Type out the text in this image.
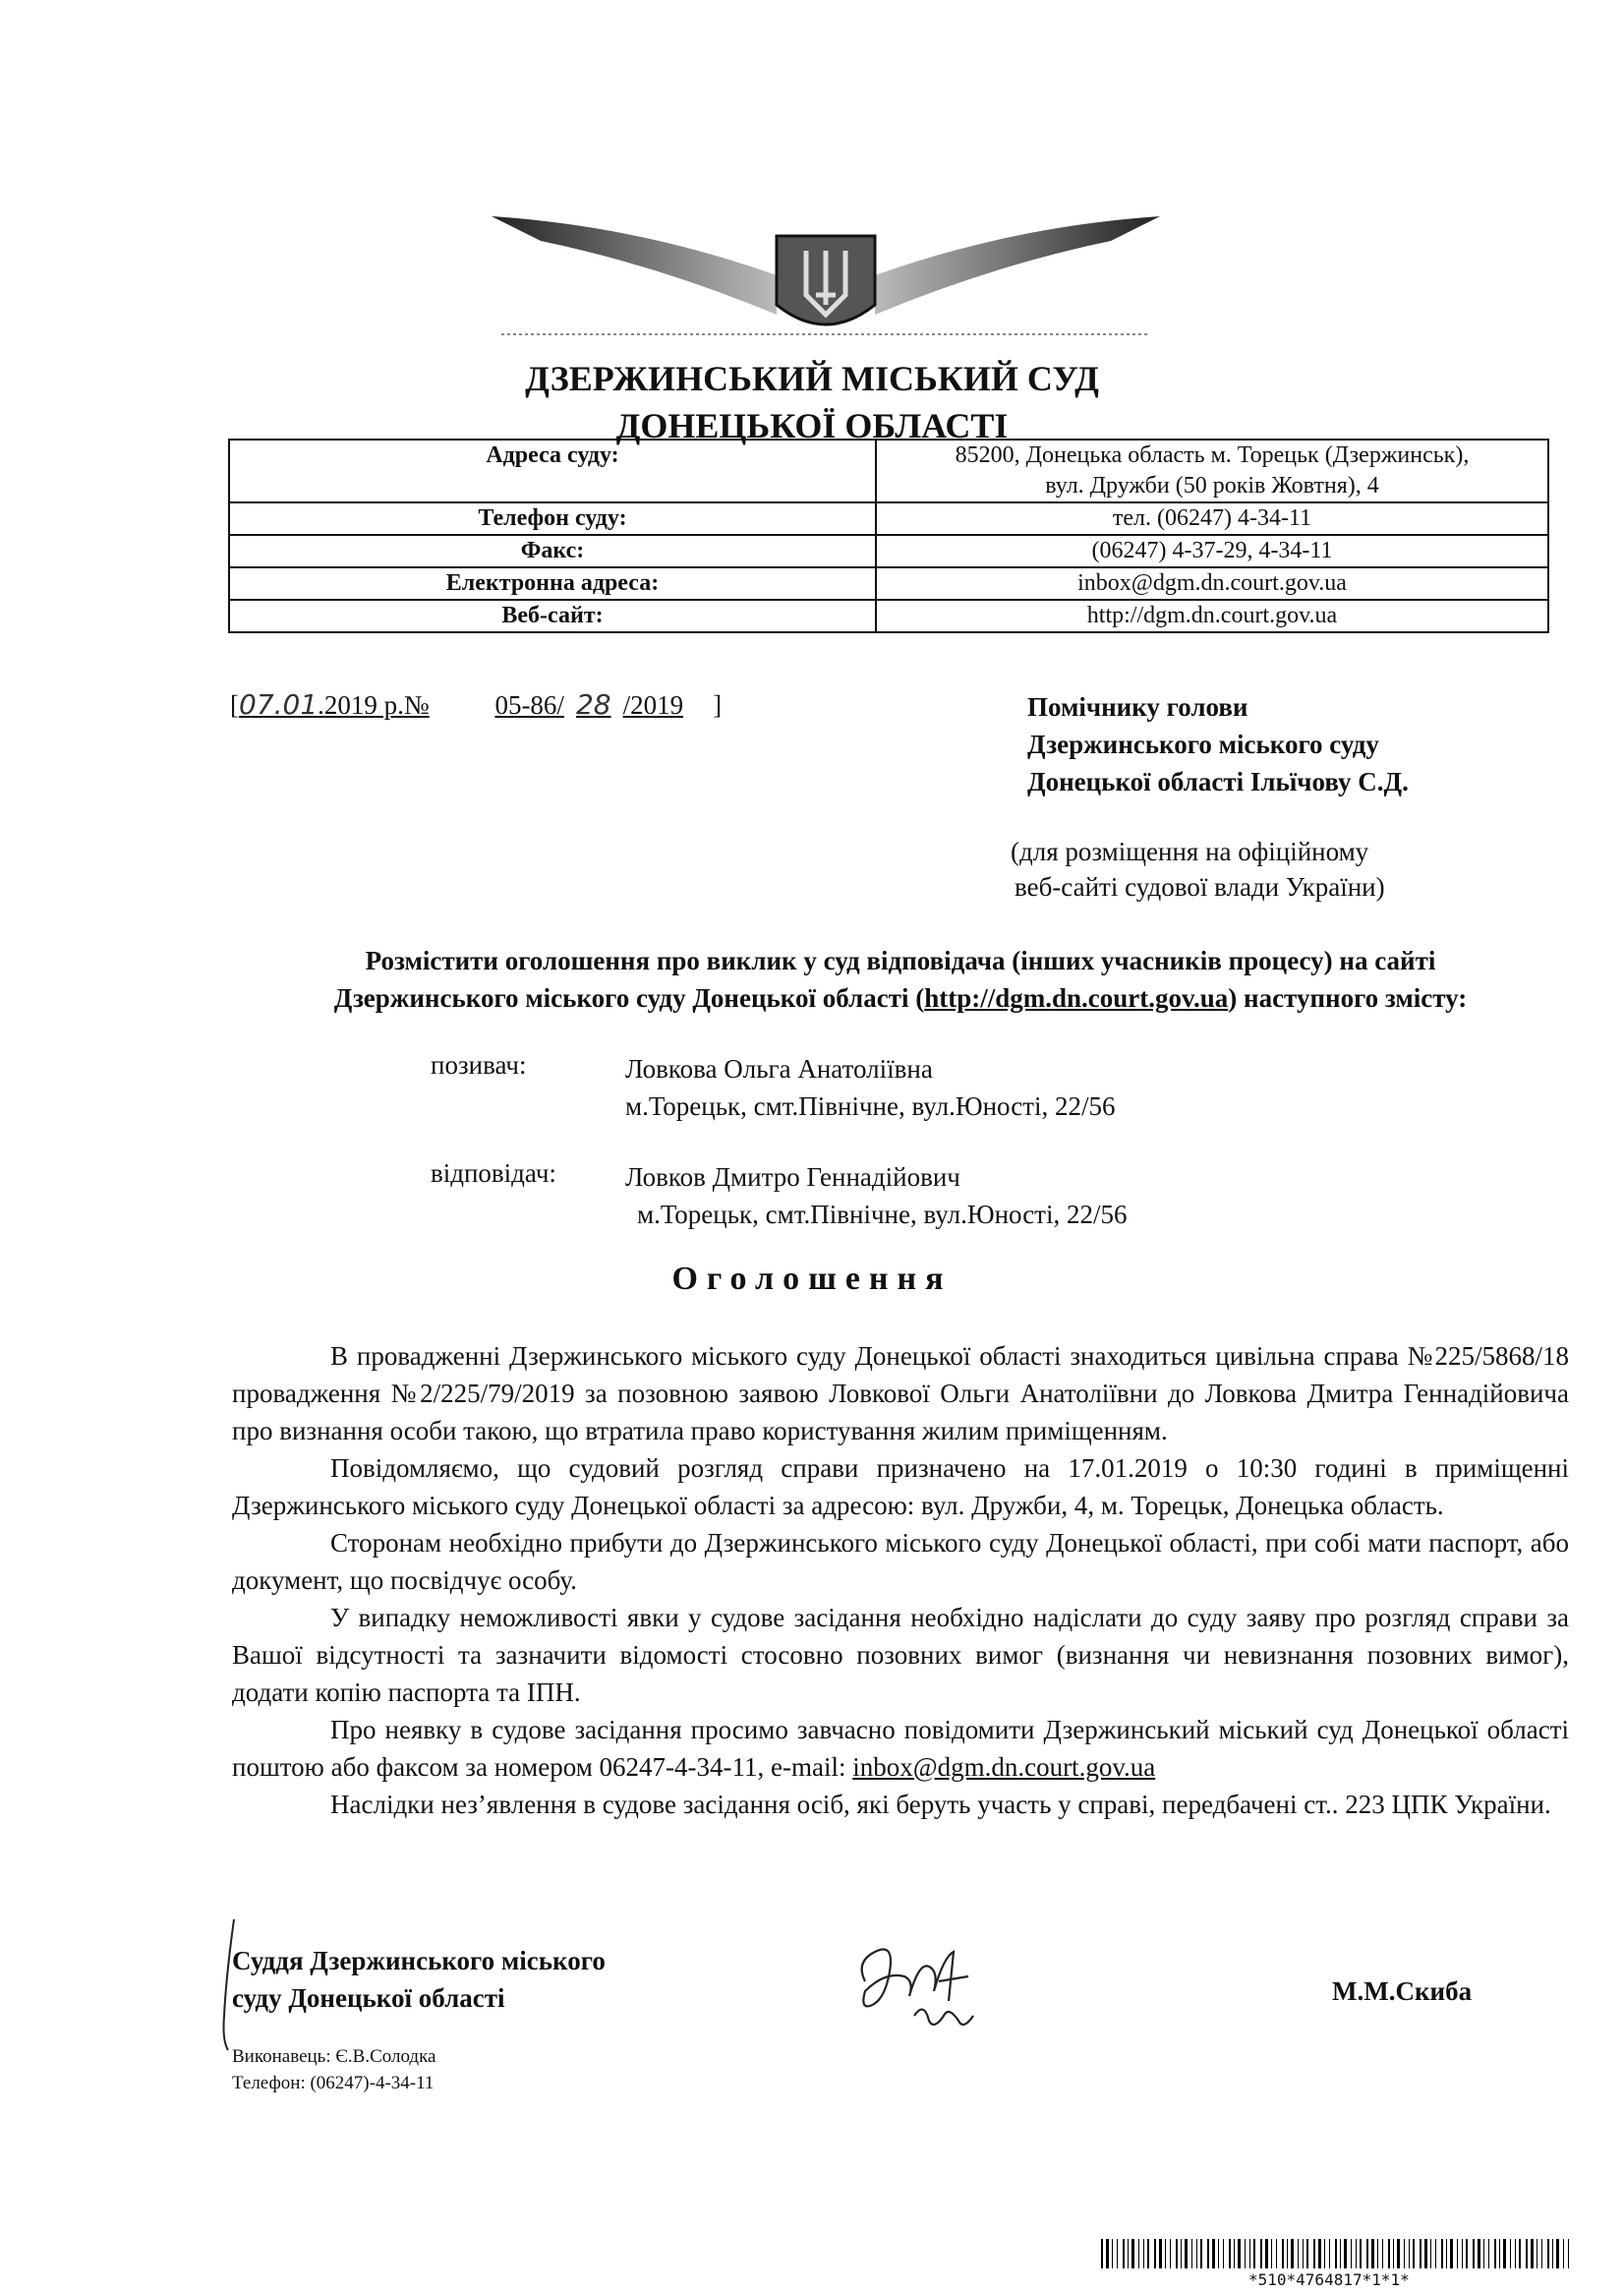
ДЗЕРЖИНСЬКИЙ МІСЬКИЙ СУД
ДОНЕЦЬКОЇ ОБЛАСТІ
Адреса суду:	85200, Донецька область м. Торецьк (Дзержинськ),
вул. Дружби (50 років Жовтня), 4

Телефон суду:	тел. (06247) 4-34-11
Факс:	(06247) 4-37-29, 4-34-11
Електронна адреса:	inbox@dgm.dn.court.gov.ua
Веб-сайт:	http://dgm.dn.court.gov.ua
[07.01.2019 р.№ 05-86/ 28 /2019 ]	Помічнику голови
Дзержинського міського суду
Донецької області Ільїчову С.Д.
(для розміщення на офіційному
веб-сайті судової влади України)
Розмістити оголошення про виклик у суд відповідача (інших учасників процесу) на сайті
Дзержинського міського суду Донецької області (http://dgm.dn.court.gov.ua) наступного змісту:
позивач:	Ловкова Ольга Анатоліївна
м.Торецьк, смт.Північне, вул.Юності, 22/56
відповідач:	Ловков Дмитро Геннадійович
м.Торецьк, смт.Північне, вул.Юності, 22/56
Оголошення

В провадженні Дзержинського міського суду Донецької області знаходиться цивільна справа №225/5868/18 провадження №2/225/79/2019 за позовною заявою Ловкової Ольги Анатоліївни до Ловкова Дмитра Геннадійовича про визнання особи такою, що втратила право користування жилим приміщенням.

Повідомляємо, що судовий розгляд справи призначено на 17.01.2019 о 10:30 годині в приміщенні Дзержинського міського суду Донецької області за адресою: вул. Дружби, 4, м. Торецьк, Донецька область.

Сторонам необхідно прибути до Дзержинського міського суду Донецької області, при собі мати паспорт, або документ, що посвідчує особу.

У випадку неможливості явки у судове засідання необхідно надіслати до суду заяву про розгляд справи за Вашої відсутності та зазначити відомості стосовно позовних вимог (визнання чи невизнання позовних вимог), додати копію паспорта та ІПН.

Про неявку в судове засідання просимо завчасно повідомити Дзержинський міський суд Донецької області поштою або факсом за номером 06247-4-34-11, e-mail: inbox@dgm.dn.court.gov.ua

Наслідки нез’явлення в судове засідання осіб, які беруть участь у справі, передбачені ст.. 223 ЦПК України.

Суддя Дзержинського міського
суду Донецької області	М.М.Скиба
Виконавець: Є.В.Солодка
Телефон: (06247)-4-34-11
*510*4764817*1*1*
